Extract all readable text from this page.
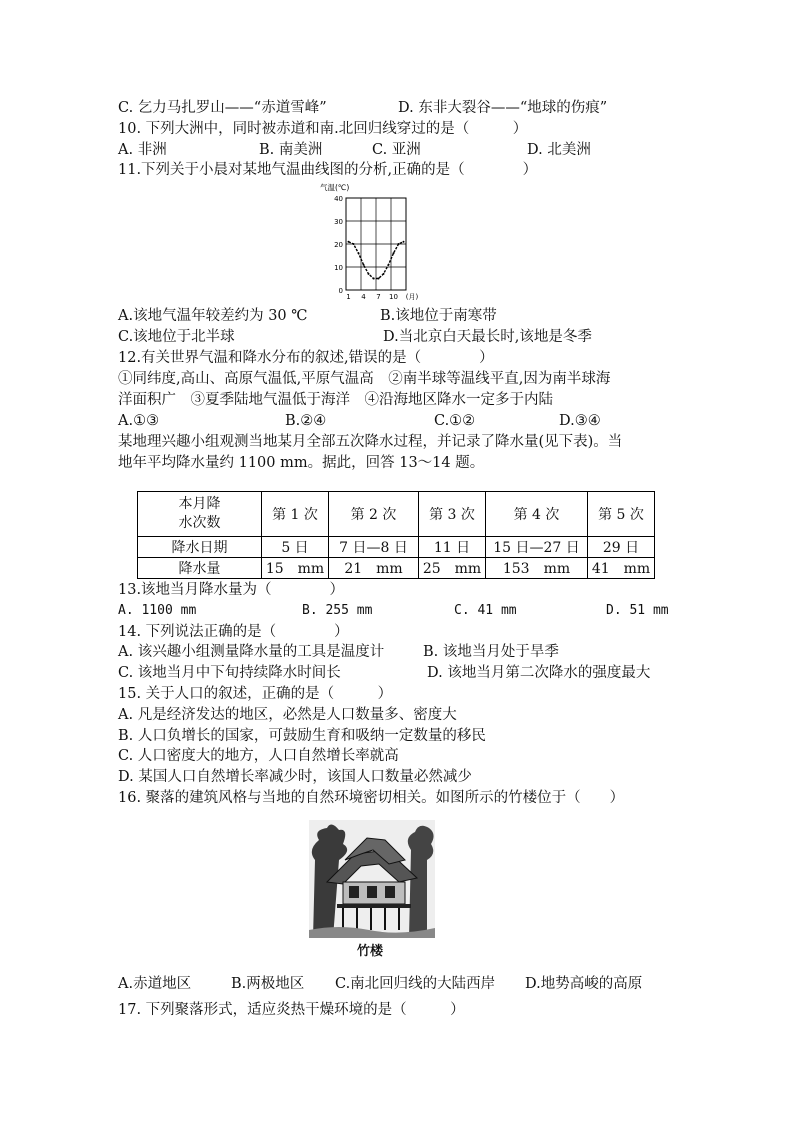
C. 乞力马扎罗山——“赤道雪峰”	D. 东非大裂谷——“地球的伤痕”
10. 下列大洲中，同时被赤道和南.北回归线穿过的是（　　　）
A. 非洲	B. 南美洲	C. 亚洲	D. 北美洲
11.下列关于小晨对某地气温曲线图的分析,正确的是（　　　　）
0
10
20
30
40
1 4 7 10 (月)
气温(℃)
A.该地气温年较差约为 30 ℃	B.该地位于南寒带
C.该地位于北半球	D.当北京白天最长时,该地是冬季
12.有关世界气温和降水分布的叙述,错误的是（　　　　）
①同纬度,高山、高原气温低,平原气温高　②南半球等温线平直,因为南半球海
洋面积广　③夏季陆地气温低于海洋　④沿海地区降水一定多于内陆
A.①③	B.②④	C.①②	D.③④
某地理兴趣小组观测当地某月全部五次降水过程，并记录了降水量(见下表)。当
地年平均降水量约 1100 mm。据此，回答 13～14 题。
本月降
水次数	第 1 次	第 2 次	第 3 次	第 4 次	第 5 次
降水日期	5 日	7 日—8 日	11 日	15 日—27 日	29 日
降水量	15　mm	21　mm	25　mm	153　mm	41　mm
13.该地当月降水量为（　　　　）
A. 1100 mm	B. 255 mm	C. 41 mm	D. 51 mm
14. 下列说法正确的是（　　　　）
A. 该兴趣小组测量降水量的工具是温度计	B. 该地当月处于旱季
C. 该地当月中下旬持续降水时间长	D. 该地当月第二次降水的强度最大
15. 关于人口的叙述，正确的是（　　　）
A. 凡是经济发达的地区，必然是人口数量多、密度大
B. 人口负增长的国家，可鼓励生育和吸纳一定数量的移民
C. 人口密度大的地方，人口自然增长率就高
D. 某国人口自然增长率减少时，该国人口数量必然减少
16. 聚落的建筑风格与当地的自然环境密切相关。如图所示的竹楼位于（　　）
竹楼
A.赤道地区	B.两极地区 C.南北回归线的大陆西岸 D.地势高峻的高原
17. 下列聚落形式，适应炎热干燥环境的是（　　　）
